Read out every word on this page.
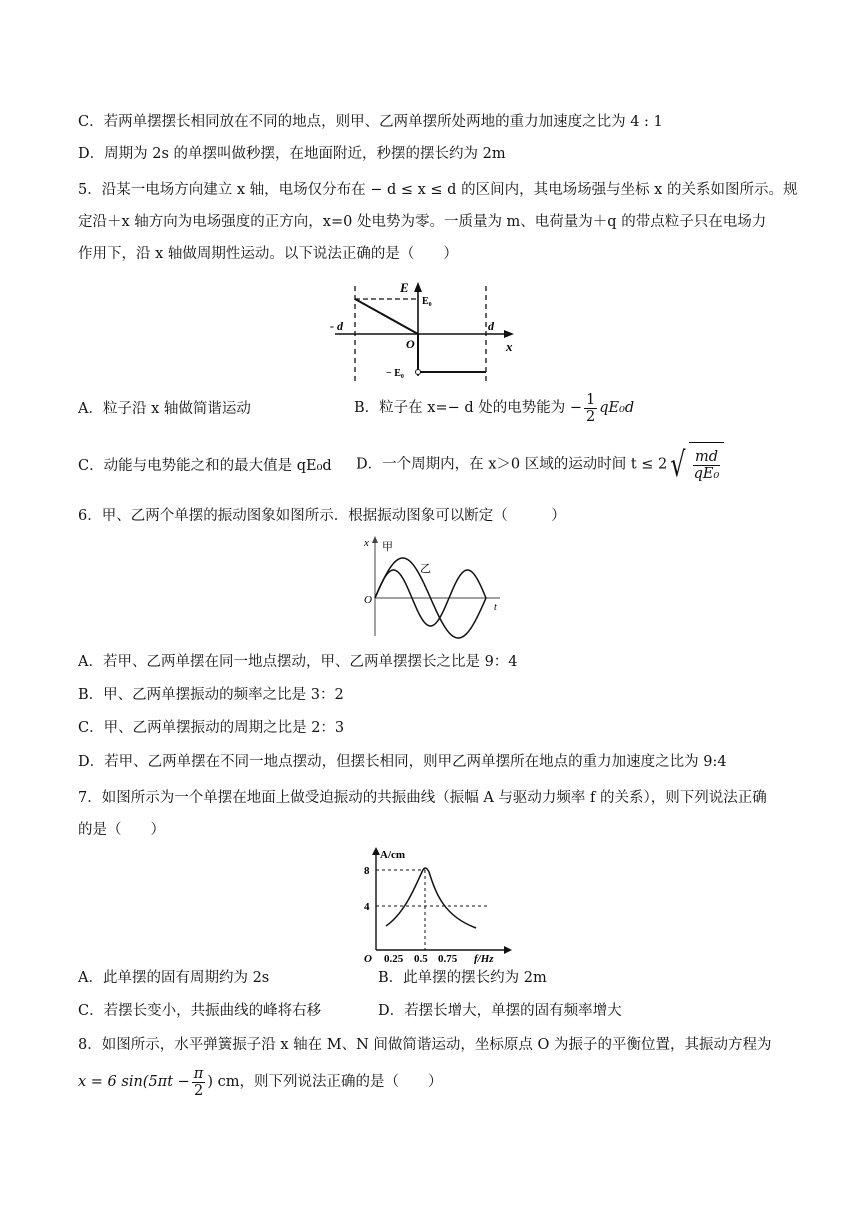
C．若两单摆摆长相同放在不同的地点，则甲、乙两单摆所处两地的重力加速度之比为 4 : 1
D．周期为 2s 的单摆叫做秒摆，在地面附近，秒摆的摆长约为 2m
5．沿某一电场方向建立 x 轴，电场仅分布在 − d ≤ x ≤ d 的区间内，其电场场强与坐标 x 的关系如图所示。规
定沿＋x 轴方向为电场强度的正方向，x=0 处电势为零。一质量为 m、电荷量为＋q 的带点粒子只在电场力
作用下，沿 x 轴做周期性运动。以下说法正确的是（　　）
E
E₀
- d	d
O	x
− E₀
A．粒子沿 x 轴做简谐运动	B．粒子在 x=− d 处的电势能为 − $\frac{1}{2} qE_0d$
C．动能与电势能之和的最大值是 qE₀d D．一个周期内，在 x＞0 区域的运动时间 $t \le 2√ \frac{md}{\text{qE₀}}$
6．甲、乙两个单摆的振动图象如图所示．根据振动图象可以断定（　　　）
x 甲
乙
O
t
A．若甲、乙两单摆在同一地点摆动，甲、乙两单摆摆长之比是 9：4
B．甲、乙两单摆振动的频率之比是 3：2
C．甲、乙两单摆振动的周期之比是 2：3
D．若甲、乙两单摆在不同一地点摆动，但摆长相同，则甲乙两单摆所在地点的重力加速度之比为 9:4
7．如图所示为一个单摆在地面上做受迫振动的共振曲线（振幅 A 与驱动力频率 f 的关系），则下列说法正确
的是（　　）
A/cm
8
4
O 0.25 0.5 0.75 f/Hz
A．此单摆的固有周期约为 2s	B．此单摆的摆长约为 2m
C．若摆长变小，共振曲线的峰将右移	D．若摆长增大，单摆的固有频率增大
8．如图所示，水平弹簧振子沿 x 轴在 M、N 间做简谐运动，坐标原点 O 为振子的平衡位置，其振动方程为
x = 6 $\sin(5\pi t - \frac{\pi}{2}$ ) cm，则下列说法正确的是（　　）
